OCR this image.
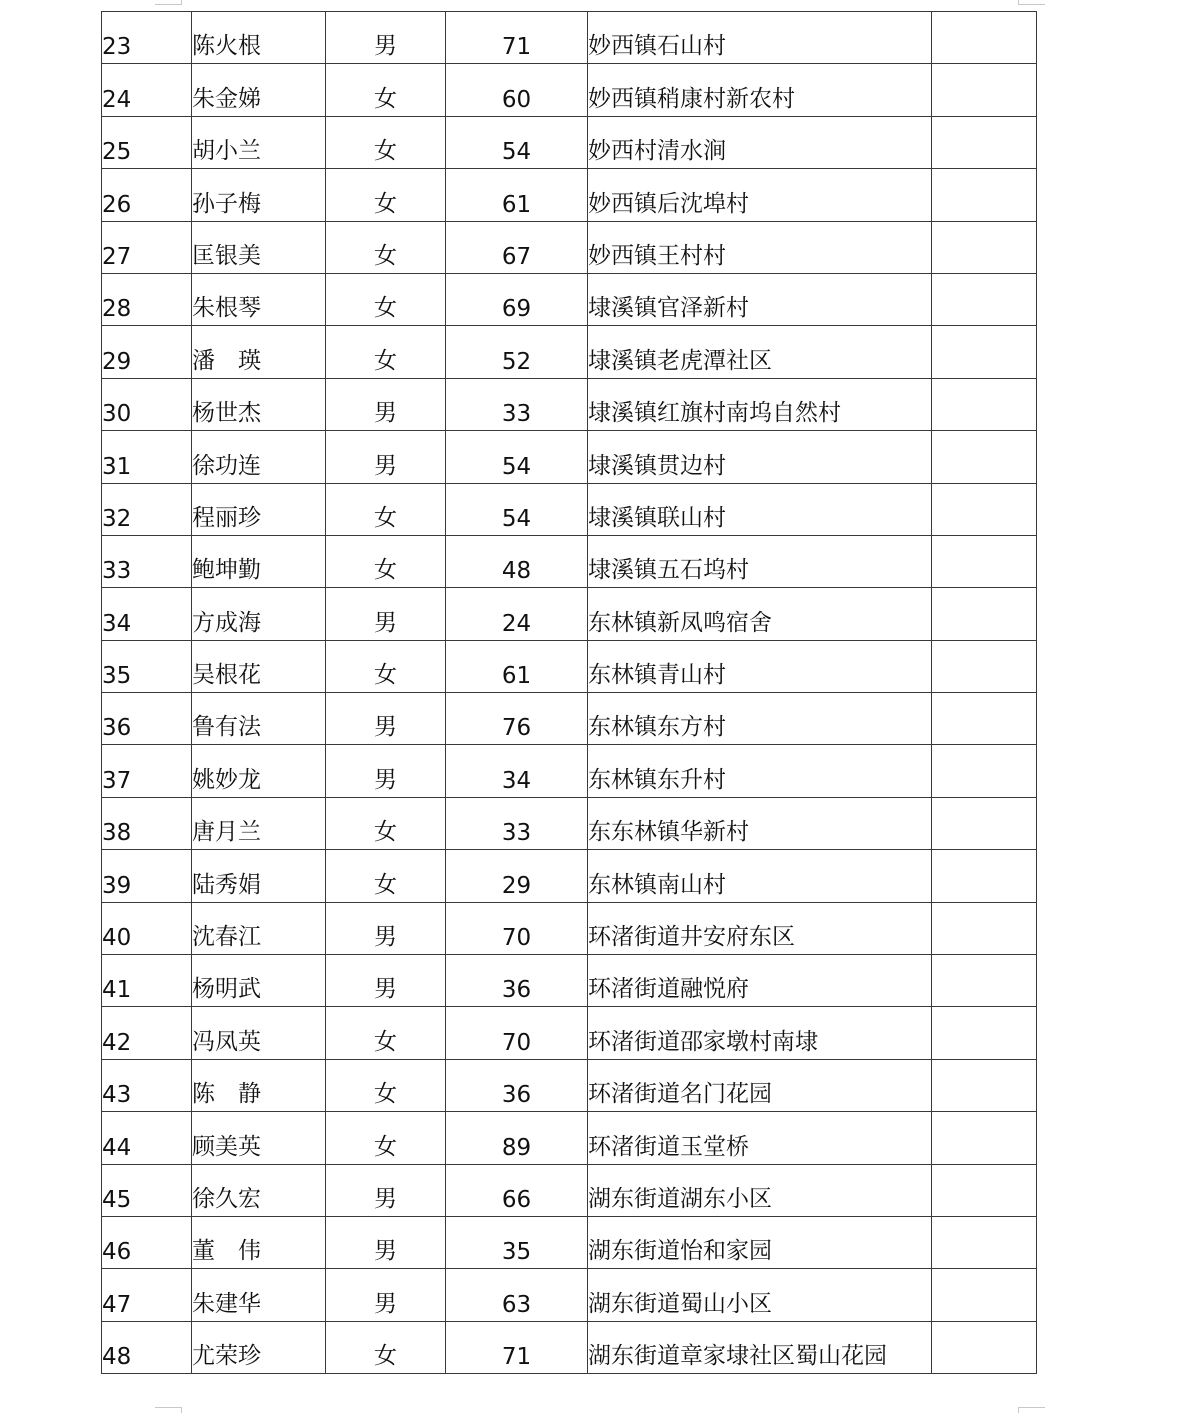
23	陈火根	男	71	妙西镇石山村	
24	朱金娣	女	60	妙西镇稍康村新农村	
25	胡小兰	女	54	妙西村清水涧	
26	孙子梅	女	61	妙西镇后沈埠村	
27	匡银美	女	67	妙西镇王村村	
28	朱根琴	女	69	埭溪镇官泽新村	
29	潘　瑛	女	52	埭溪镇老虎潭社区	
30	杨世杰	男	33	埭溪镇红旗村南坞自然村	
31	徐功连	男	54	埭溪镇贯边村	
32	程丽珍	女	54	埭溪镇联山村	
33	鲍坤勤	女	48	埭溪镇五石坞村	
34	方成海	男	24	东林镇新凤鸣宿舍	
35	吴根花	女	61	东林镇青山村	
36	鲁有法	男	76	东林镇东方村	
37	姚妙龙	男	34	东林镇东升村	
38	唐月兰	女	33	东东林镇华新村	
39	陆秀娟	女	29	东林镇南山村	
40	沈春江	男	70	环渚街道井安府东区	
41	杨明武	男	36	环渚街道融悦府	
42	冯凤英	女	70	环渚街道邵家墩村南埭	
43	陈　静	女	36	环渚街道名门花园	
44	顾美英	女	89	环渚街道玉堂桥	
45	徐久宏	男	66	湖东街道湖东小区	
46	董　伟	男	35	湖东街道怡和家园	
47	朱建华	男	63	湖东街道蜀山小区	
48	尤荣珍	女	71	湖东街道章家埭社区蜀山花园	
